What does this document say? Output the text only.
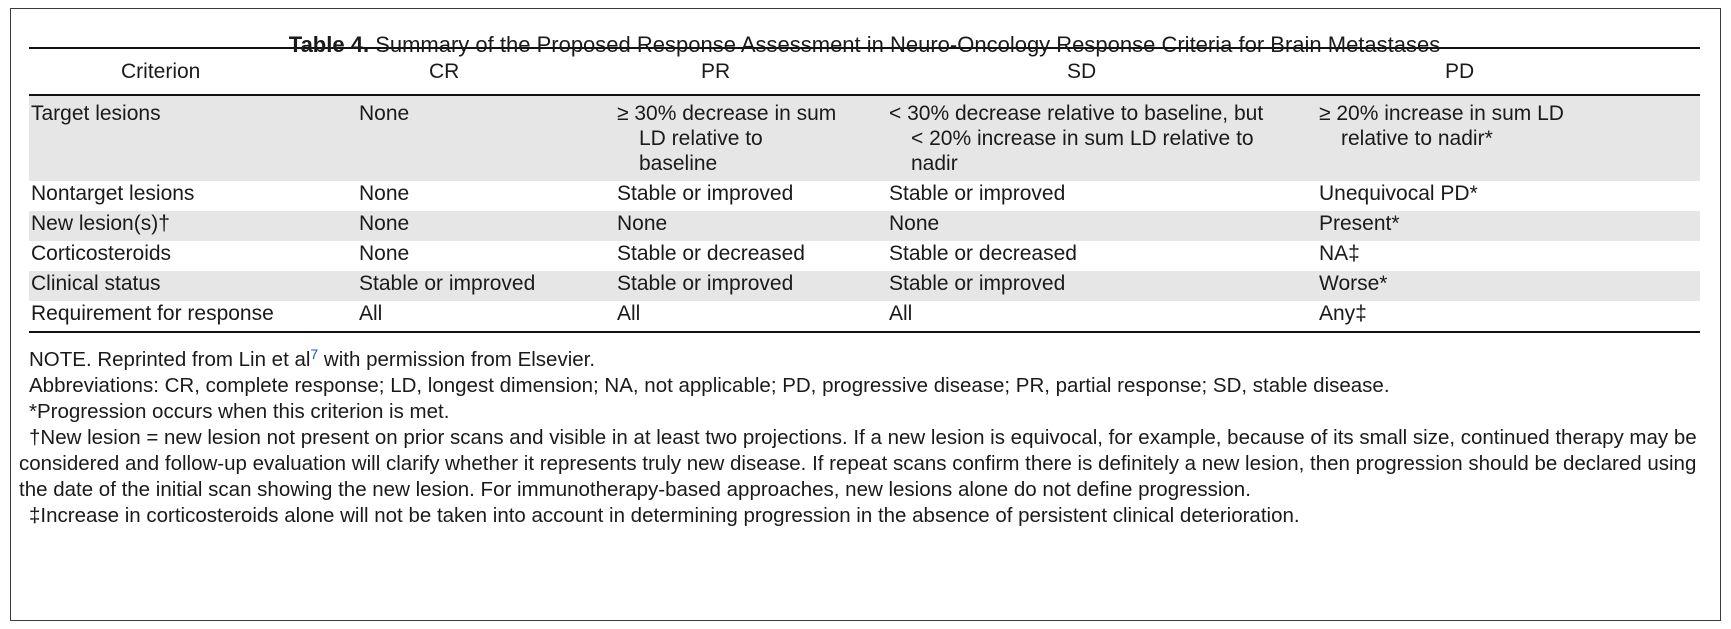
Table 4. Summary of the Proposed Response Assessment in Neuro-Oncology Response Criteria for Brain Metastases
Criterion	CR	PR	SD	PD
Target lesions	None	≥ 30% decrease in sum LD relative to baseline	< 30% decrease relative to baseline, but < 20% increase in sum LD relative to nadir	≥ 20% increase in sum LD relative to nadir*

Nontarget lesions	None	Stable or improved	Stable or improved	Unequivocal PD*
New lesion(s)†	None	None	None	Present*
Corticosteroids	None	Stable or decreased	Stable or decreased	NA‡
Clinical status	Stable or improved	Stable or improved	Stable or improved	Worse*
Requirement for response	All	All	All	Any‡

NOTE. Reprinted from Lin et al$^7$ with permission from Elsevier.

Abbreviations: CR, complete response; LD, longest dimension; NA, not applicable; PD, progressive disease; PR, partial response; SD, stable disease.

*Progression occurs when this criterion is met.

†New lesion = new lesion not present on prior scans and visible in at least two projections. If a new lesion is equivocal, for example, because of its small size, continued therapy may be considered and follow-up evaluation will clarify whether it represents truly new disease. If repeat scans confirm there is definitely a new lesion, then progression should be declared using the date of the initial scan showing the new lesion. For immunotherapy-based approaches, new lesions alone do not define progression.

‡Increase in corticosteroids alone will not be taken into account in determining progression in the absence of persistent clinical deterioration.
